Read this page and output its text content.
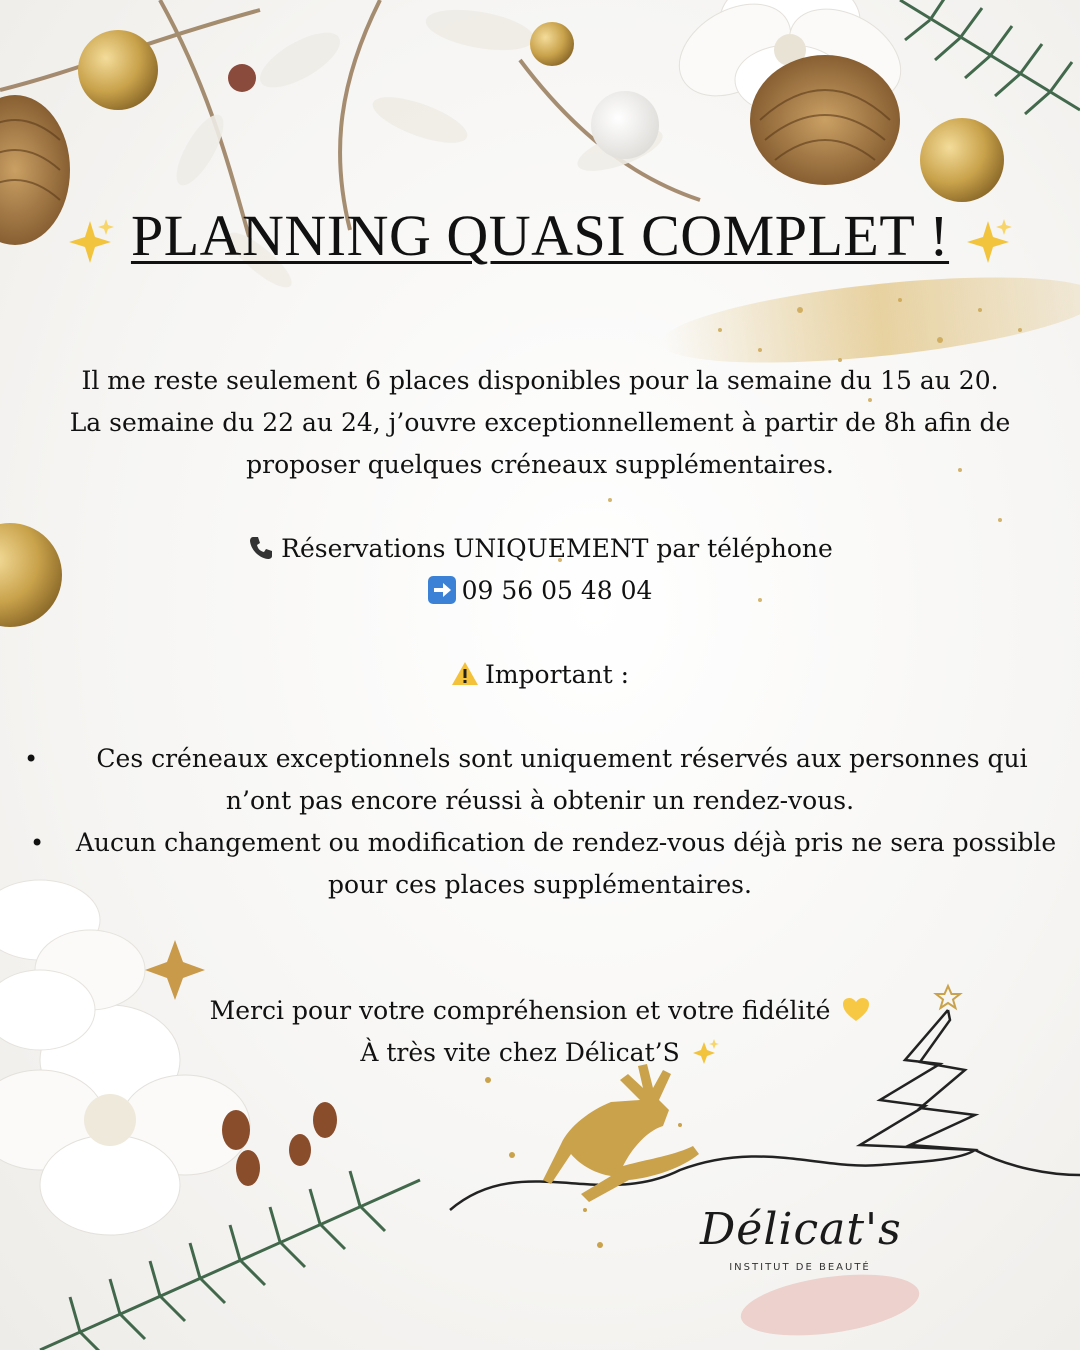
PLANNING QUASI COMPLET !
Il me reste seulement 6 places disponibles pour la semaine du 15 au 20.
La semaine du 22 au 24, j’ouvre exceptionnellement à partir de 8h afin de
proposer quelques créneaux supplémentaires.
Réservations UNIQUEMENT par téléphone
09 56 05 48 04
Important :
•	Ces créneaux exceptionnels sont uniquement réservés aux personnes qui
n’ont pas encore réussi à obtenir un rendez-vous.
•	Aucun changement ou modification de rendez-vous déjà pris ne sera possible
pour ces places supplémentaires.
Merci pour votre compréhension et votre fidélité
À très vite chez Délicat’S
Délicat's
INSTITUT DE BEAUTÉ
